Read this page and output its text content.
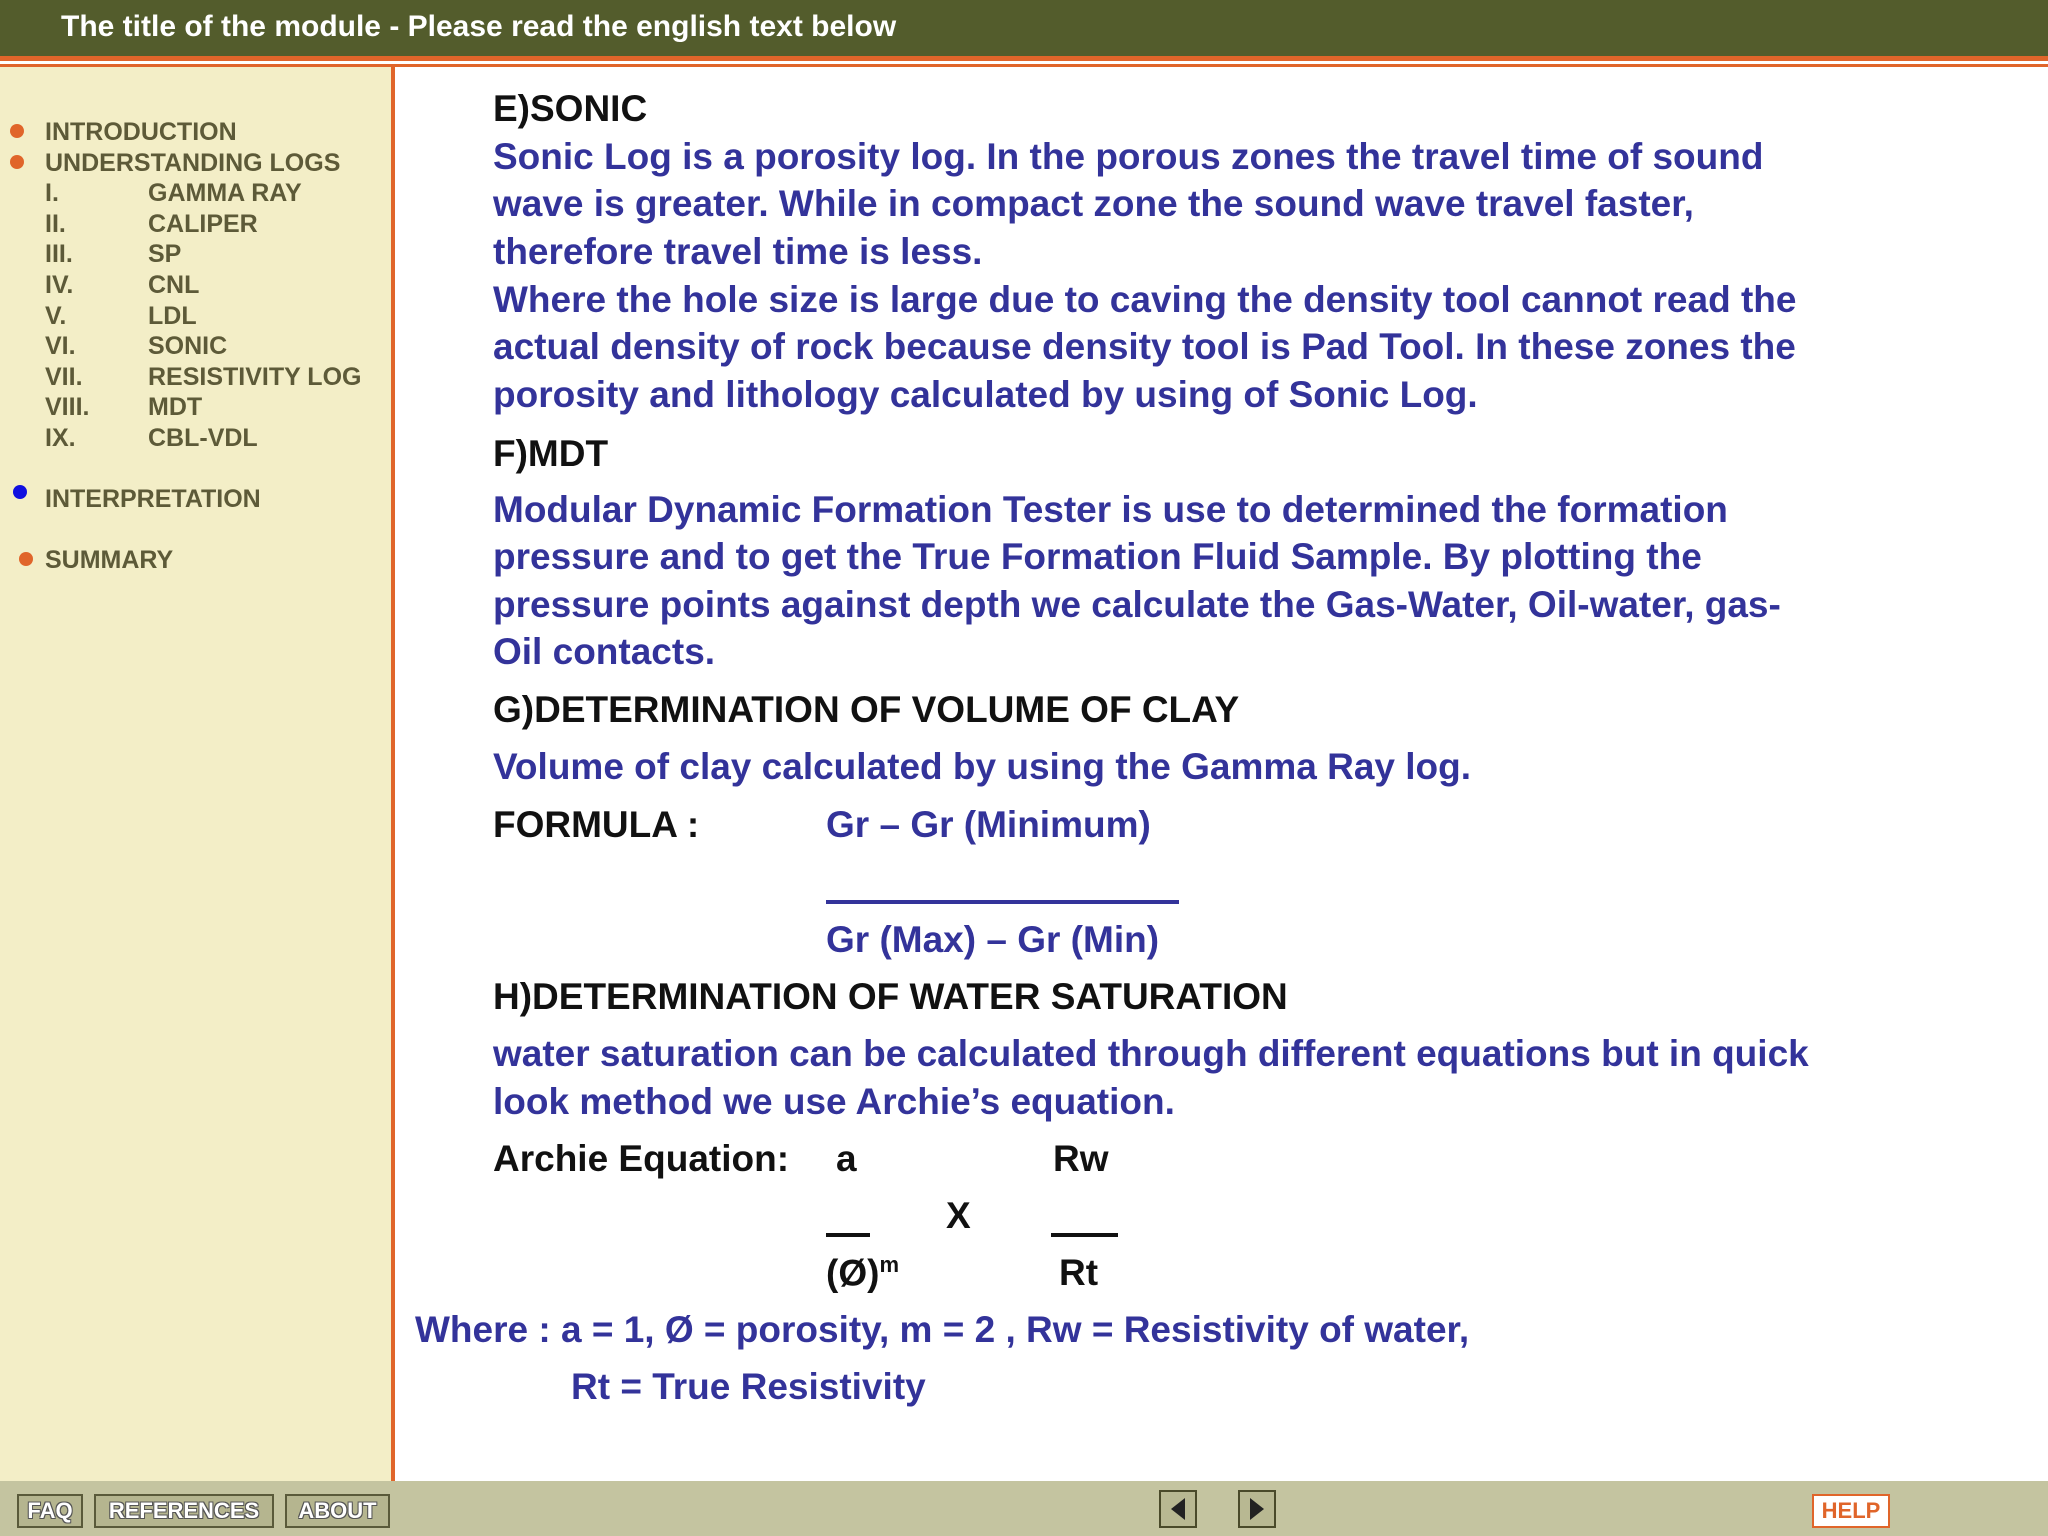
The title of the module - Please read the english text below
INTRODUCTION
UNDERSTANDING LOGS
I.	GAMMA RAY
II.	CALIPER
III.	SP
IV.	CNL
V.	LDL
VI.	SONIC
VII.	RESISTIVITY LOG
VIII. MDT
IX.	CBL-VDL
INTERPRETATION
SUMMARY
E)SONIC
Sonic Log is a porosity log. In the porous zones the travel time of sound
wave is greater. While in compact zone the sound wave travel faster,
therefore travel time is less.
Where the hole size is large due to caving the density tool cannot read the
actual density of rock because density tool is Pad Tool. In these zones the
porosity and lithology calculated by using of Sonic Log.
F)MDT
Modular Dynamic Formation Tester is use to determined the formation
pressure and to get the True Formation Fluid Sample. By plotting the
pressure points against depth we calculate the Gas-Water, Oil-water, gas-
Oil contacts.
G)DETERMINATION OF VOLUME OF CLAY
Volume of clay calculated by using the Gamma Ray log.
FORMULA :	Gr – Gr (Minimum)
Gr (Max) – Gr (Min)
H)DETERMINATION OF WATER SATURATION
water saturation can be calculated through different equations but in quick
look method we use Archie’s equation.
Archie Equation: a	Rw
X
(Ø)$^m$	Rt
Where : a = 1, Ø = porosity, m = 2 , Rw = Resistivity of water,
Rt = True Resistivity
FAQ	REFERENCES	ABOUT	HELP
